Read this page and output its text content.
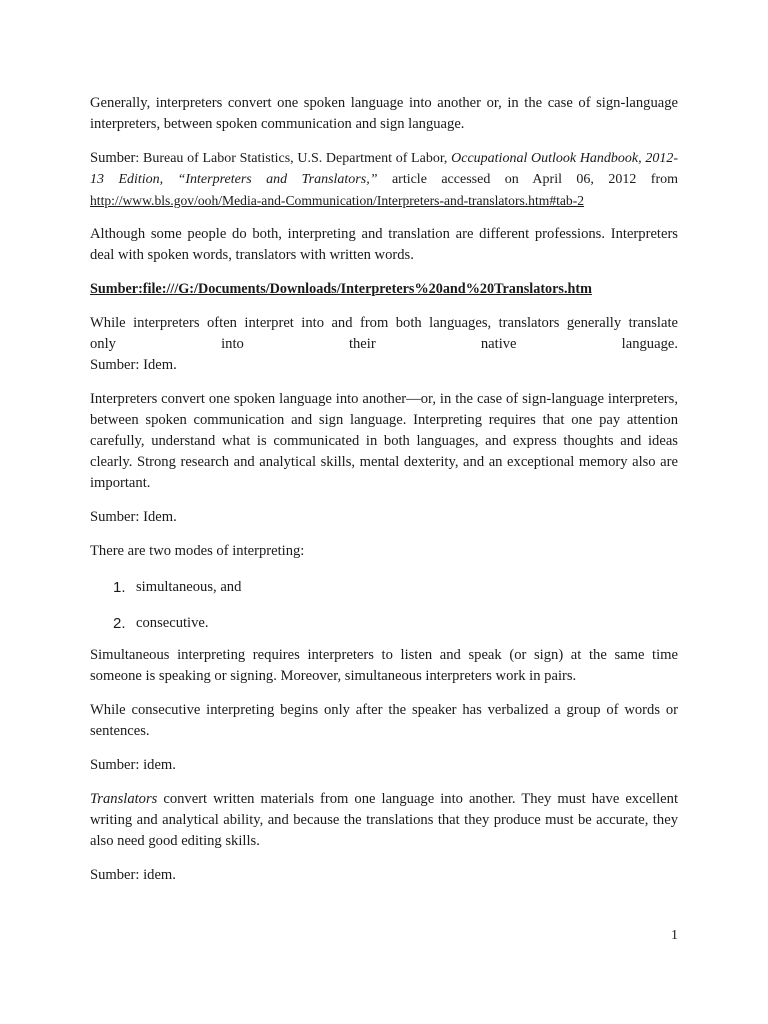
Generally, interpreters convert one spoken language into another or, in the case of sign-language interpreters, between spoken communication and sign language.

Sumber: Bureau of Labor Statistics, U.S. Department of Labor, Occupational Outlook Handbook, 2012-13 Edition, “Interpreters and Translators,” article accessed on April 06, 2012 from http://www.bls.gov/ooh/Media-and-Communication/Interpreters-and-translators.htm#tab-2

Although some people do both, interpreting and translation are different professions. Interpreters deal with spoken words, translators with written words.

Sumber:file:///G:/Documents/Downloads/Interpreters%20and%20Translators.htm

While interpreters often interpret into and from both languages, translators generally translate

only into their native language.

Sumber: Idem.

Interpreters convert one spoken language into another—or, in the case of sign-language interpreters, between spoken communication and sign language. Interpreting requires that one pay attention carefully, understand what is communicated in both languages, and express thoughts and ideas clearly. Strong research and analytical skills, mental dexterity, and an exceptional memory also are important.

Sumber: Idem.

There are two modes of interpreting:

1. simultaneous, and
2. consecutive.

Simultaneous interpreting requires interpreters to listen and speak (or sign) at the same time someone is speaking or signing. Moreover, simultaneous interpreters work in pairs.

While consecutive interpreting begins only after the speaker has verbalized a group of words or sentences.

Sumber: idem.

Translators convert written materials from one language into another. They must have excellent writing and analytical ability, and because the translations that they produce must be accurate, they also need good editing skills.

Sumber: idem.

1
